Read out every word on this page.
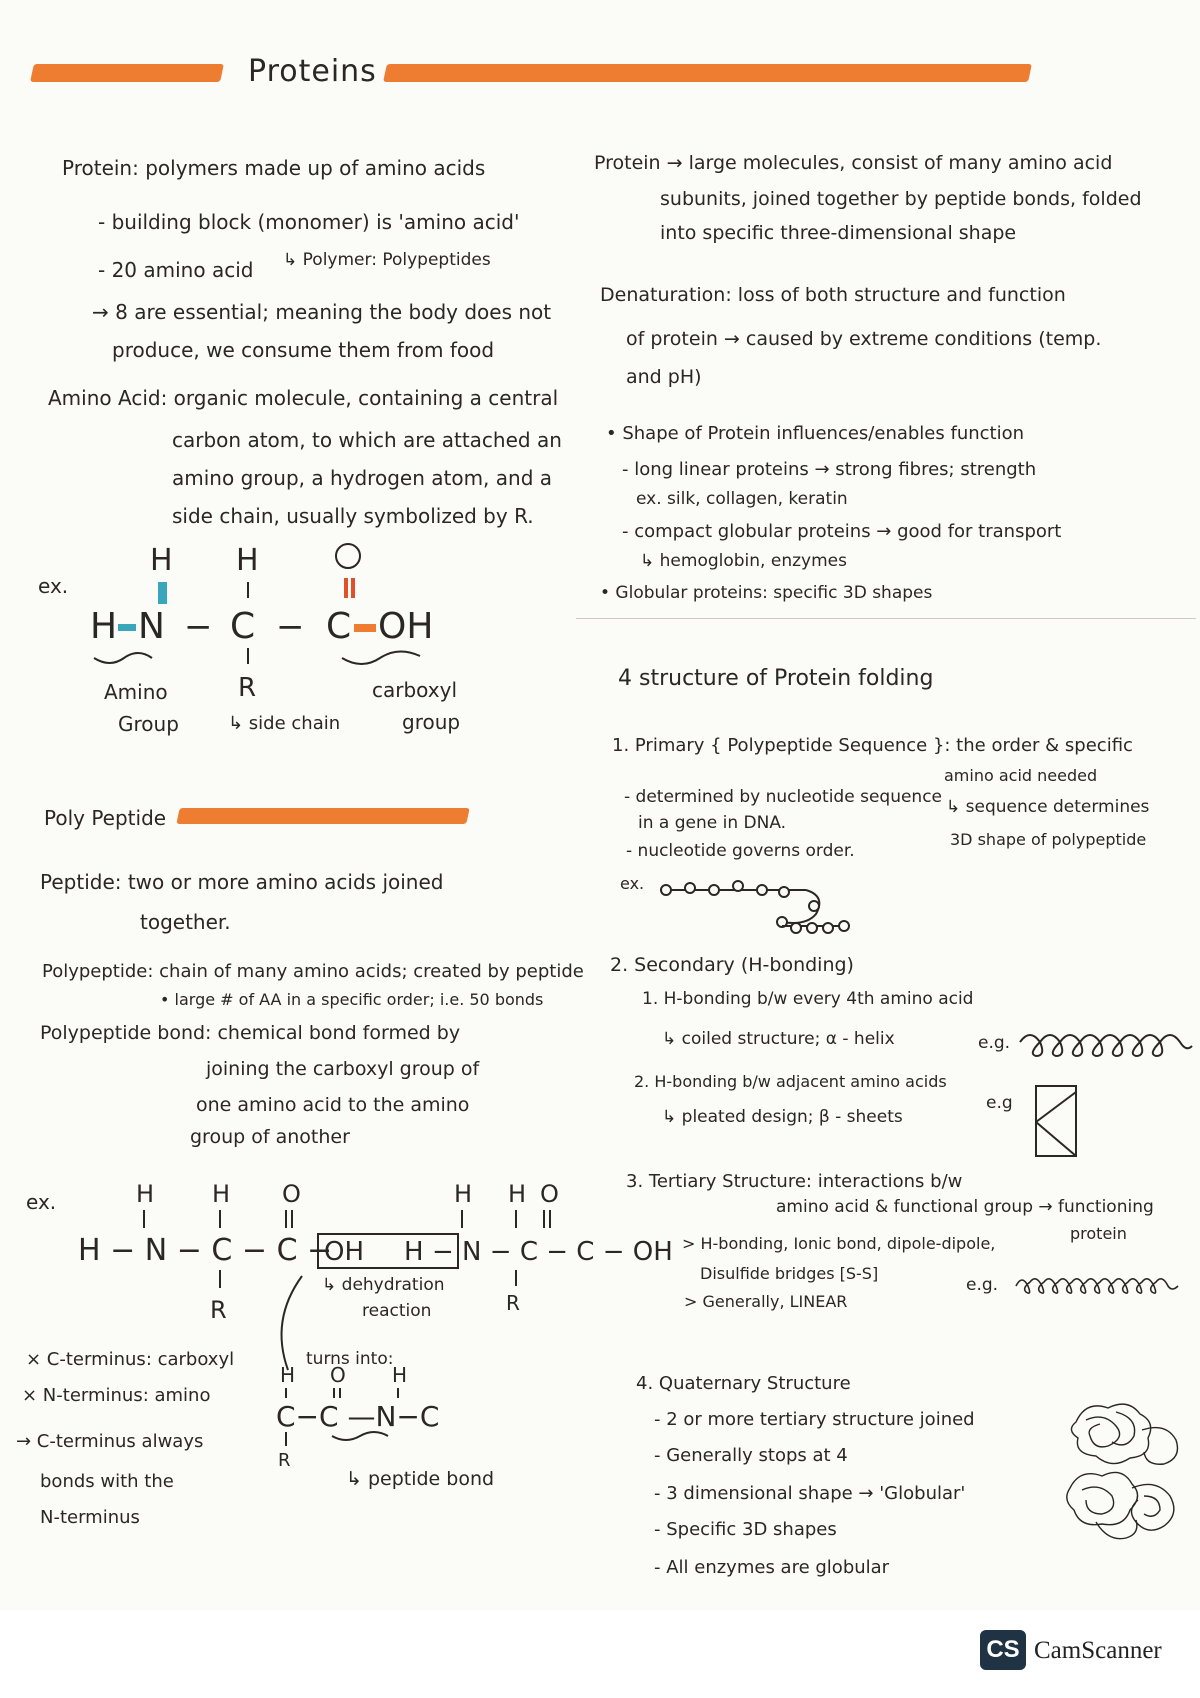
Proteins
Protein: polymers made up of amino acids
- building block (monomer) is 'amino acid'
- 20 amino acid ↳ Polymer: Polypeptides
→ 8 are essential; meaning the body does not
produce, we consume them from food
Amino Acid: organic molecule, containing a central
carbon atom, to which are attached an
amino group, a hydrogen atom, and a
side chain, usually symbolized by R.
ex.
H H
H N − C − C OH
R
Amino
Group	↳ side chain
carboxyl
group
Poly Peptide
Peptide: two or more amino acids joined
together.
Polypeptide: chain of many amino acids; created by peptide
• large # of AA in a specific order; i.e. 50 bonds
Polypeptide bond: chemical bond formed by
joining the carboxyl group of
one amino acid to the amino
group of another
ex.	H H O	H H O
H − N − C − C −
OH H − N − C − C − OH
R	R
↳ dehydration
reaction
turns into:
H O H
C−C —N−C
R
↳ peptide bond
× C-terminus: carboxyl
× N-terminus: amino
→ C-terminus always
bonds with the
N-terminus
Protein → large molecules, consist of many amino acid
subunits, joined together by peptide bonds, folded
into specific three-dimensional shape
Denaturation: loss of both structure and function
of protein → caused by extreme conditions (temp.
and pH)
• Shape of Protein influences/enables function
- long linear proteins → strong fibres; strength
ex. silk, collagen, keratin
- compact globular proteins → good for transport
↳ hemoglobin, enzymes
• Globular proteins: specific 3D shapes
4 structure of Protein folding
1. Primary { Polypeptide Sequence }: the order & specific
amino acid needed
- determined by nucleotide sequence
in a gene in DNA.
- nucleotide governs order.
↳ sequence determines
3D shape of polypeptide
ex.
2. Secondary (H-bonding)
1. H-bonding b/w every 4th amino acid
↳ coiled structure; α - helix
2. H-bonding b/w adjacent amino acids
↳ pleated design; β - sheets
e.g.
e.g
3. Tertiary Structure: interactions b/w
amino acid & functional group → functioning
protein
> H-bonding, Ionic bond, dipole-dipole,
Disulfide bridges [S-S]
> Generally, LINEAR
e.g.
4. Quaternary Structure
- 2 or more tertiary structure joined
- Generally stops at 4
- 3 dimensional shape → 'Globular'
- Specific 3D shapes
- All enzymes are globular
CS CamScanner
